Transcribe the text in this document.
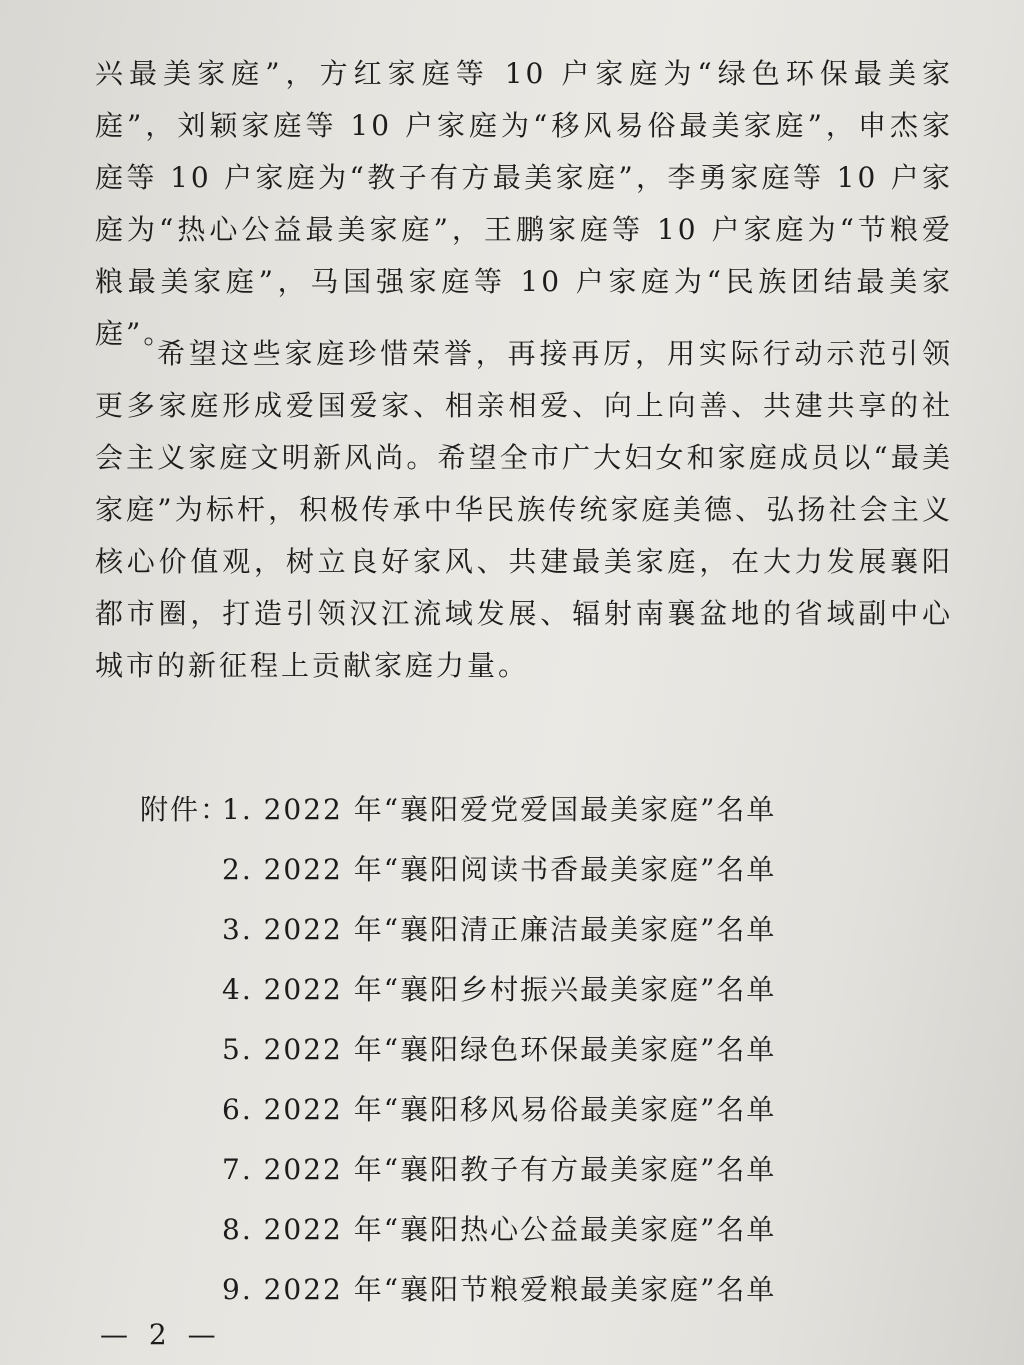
兴最美家庭”，方红家庭等 10 户家庭为“绿色环保最美家庭”，刘颖家庭等 10 户家庭为“移风易俗最美家庭”，申杰家庭等 10 户家庭为“教子有方最美家庭”，李勇家庭等 10 户家庭为“热心公益最美家庭”，王鹏家庭等 10 户家庭为“节粮爱粮最美家庭”，马国强家庭等 10 户家庭为“民族团结最美家庭”。

希望这些家庭珍惜荣誉，再接再厉，用实际行动示范引领更多家庭形成爱国爱家、相亲相爱、向上向善、共建共享的社会主义家庭文明新风尚。希望全市广大妇女和家庭成员以“最美家庭”为标杆，积极传承中华民族传统家庭美德、弘扬社会主义核心价值观，树立良好家风、共建最美家庭，在大力发展襄阳都市圈，打造引领汉江流域发展、辐射南襄盆地的省域副中心城市的新征程上贡献家庭力量。

附件：1. 2022 年“襄阳爱党爱国最美家庭”名单
2. 2022 年“襄阳阅读书香最美家庭”名单
3. 2022 年“襄阳清正廉洁最美家庭”名单
4. 2022 年“襄阳乡村振兴最美家庭”名单
5. 2022 年“襄阳绿色环保最美家庭”名单
6. 2022 年“襄阳移风易俗最美家庭”名单
7. 2022 年“襄阳教子有方最美家庭”名单
8. 2022 年“襄阳热心公益最美家庭”名单
9. 2022 年“襄阳节粮爱粮最美家庭”名单
— 2 —
